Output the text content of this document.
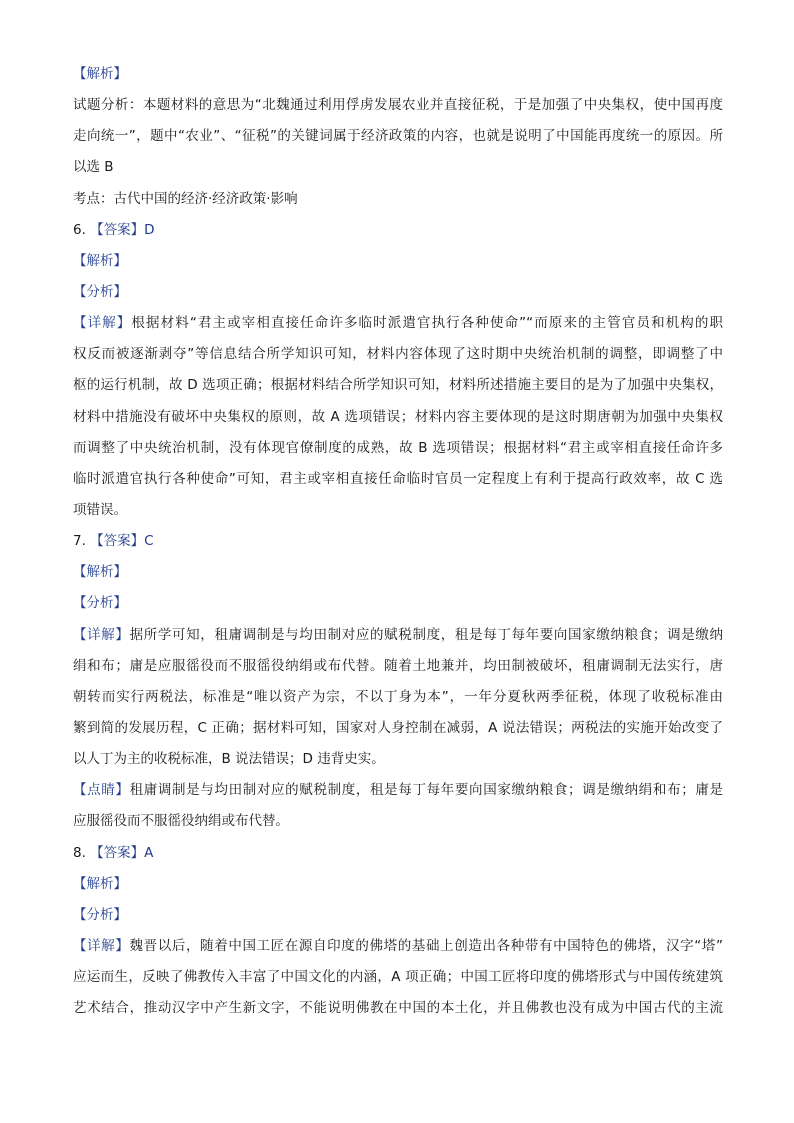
【解析】
试题分析：本题材料的意思为“北魏通过利用俘虏发展农业并直接征税，于是加强了中央集权，使中国再度
走向统一”，题中“农业”、“征税”的关键词属于经济政策的内容，也就是说明了中国能再度统一的原因。所
以选 B
考点：古代中国的经济·经济政策·影响
6. 【答案】D
【解析】
【分析】
【详解】根据材料“君主或宰相直接任命许多临时派遣官执行各种使命”“而原来的主管官员和机构的职
权反而被逐渐剥夺”等信息结合所学知识可知，材料内容体现了这时期中央统治机制的调整，即调整了中
枢的运行机制，故 D 选项正确；根据材料结合所学知识可知，材料所述措施主要目的是为了加强中央集权，
材料中措施没有破坏中央集权的原则，故 A 选项错误；材料内容主要体现的是这时期唐朝为加强中央集权
而调整了中央统治机制，没有体现官僚制度的成熟，故 B 选项错误；根据材料“君主或宰相直接任命许多
临时派遣官执行各种使命”可知，君主或宰相直接任命临时官员一定程度上有利于提高行政效率，故 C 选
项错误。
7. 【答案】C
【解析】
【分析】
【详解】据所学可知，租庸调制是与均田制对应的赋税制度，租是每丁每年要向国家缴纳粮食；调是缴纳
绢和布；庸是应服徭役而不服徭役纳绢或布代替。随着土地兼并，均田制被破坏，租庸调制无法实行，唐
朝转而实行两税法，标准是“唯以资产为宗，不以丁身为本”，一年分夏秋两季征税，体现了收税标准由
繁到简的发展历程，C 正确；据材料可知，国家对人身控制在减弱，A 说法错误；两税法的实施开始改变了
以人丁为主的收税标准，B 说法错误；D 违背史实。
【点睛】租庸调制是与均田制对应的赋税制度，租是每丁每年要向国家缴纳粮食；调是缴纳绢和布；庸是
应服徭役而不服徭役纳绢或布代替。
8. 【答案】A
【解析】
【分析】
【详解】魏晋以后，随着中国工匠在源自印度的佛塔的基础上创造出各种带有中国特色的佛塔，汉字“塔”
应运而生，反映了佛教传入丰富了中国文化的内涵，A 项正确；中国工匠将印度的佛塔形式与中国传统建筑
艺术结合，推动汉字中产生新文字，不能说明佛教在中国的本土化，并且佛教也没有成为中国古代的主流
